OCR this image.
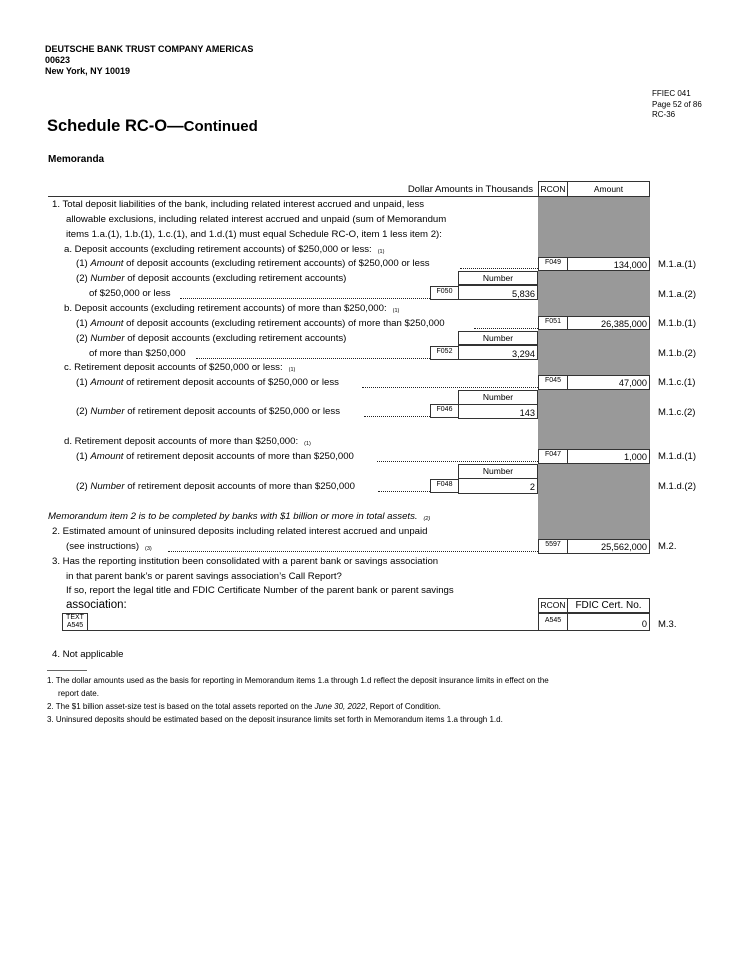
DEUTSCHE BANK TRUST COMPANY AMERICAS
00623
New York, NY 10019
FFIEC 041
Page 52 of 86
RC-36
Schedule RC-O—Continued
Memoranda
Dollar Amounts in Thousands RCON	Amount
1. Total deposit liabilities of the bank, including related interest accrued and unpaid, less
allowable exclusions, including related interest accrued and unpaid (sum of Memorandum
items 1.a.(1), 1.b.(1), 1.c.(1), and 1.d.(1) must equal Schedule RC-O, item 1 less item 2):
a. Deposit accounts (excluding retirement accounts) of $250,000 or less: (1)
(1) Amount of deposit accounts (excluding retirement accounts) of $250,000 or less	F049	134,000 M.1.a.(1)
(2) Number of deposit accounts (excluding retirement accounts)	Number
of $250,000 or less	F050	5,836	M.1.a.(2)
b. Deposit accounts (excluding retirement accounts) of more than $250,000: (1)
(1) Amount of deposit accounts (excluding retirement accounts) of more than $250,000	F051	26,385,000 M.1.b.(1)
(2) Number of deposit accounts (excluding retirement accounts)	Number
of more than $250,000	F052	3,294	M.1.b.(2)
c. Retirement deposit accounts of $250,000 or less: (1)
(1) Amount of retirement deposit accounts of $250,000 or less	F045	47,000 M.1.c.(1)
Number
(2) Number of retirement deposit accounts of $250,000 or less	F046	143	M.1.c.(2)
d. Retirement deposit accounts of more than $250,000: (1)
(1) Amount of retirement deposit accounts of more than $250,000	F047	1,000 M.1.d.(1)
Number
(2) Number of retirement deposit accounts of more than $250,000	F048	2	M.1.d.(2)
Memorandum item 2 is to be completed by banks with $1 billion or more in total assets. (2)
2. Estimated amount of uninsured deposits including related interest accrued and unpaid
(see instructions) (3)
5597	25,562,000 M.2.
3. Has the reporting institution been consolidated with a parent bank or savings association
in that parent bank’s or parent savings association’s Call Report?
If so, report the legal title and FDIC Certificate Number of the parent bank or parent savings
association:	RCON FDIC Cert. No.
TEXT
A545
A545	0 M.3.
4. Not applicable
1. The dollar amounts used as the basis for reporting in Memorandum items 1.a through 1.d reflect the deposit insurance limits in effect on the
report date.
2. The $1 billion asset-size test is based on the total assets reported on the June 30, 2022, Report of Condition.
3. Uninsured deposits should be estimated based on the deposit insurance limits set forth in Memorandum items 1.a through 1.d.
